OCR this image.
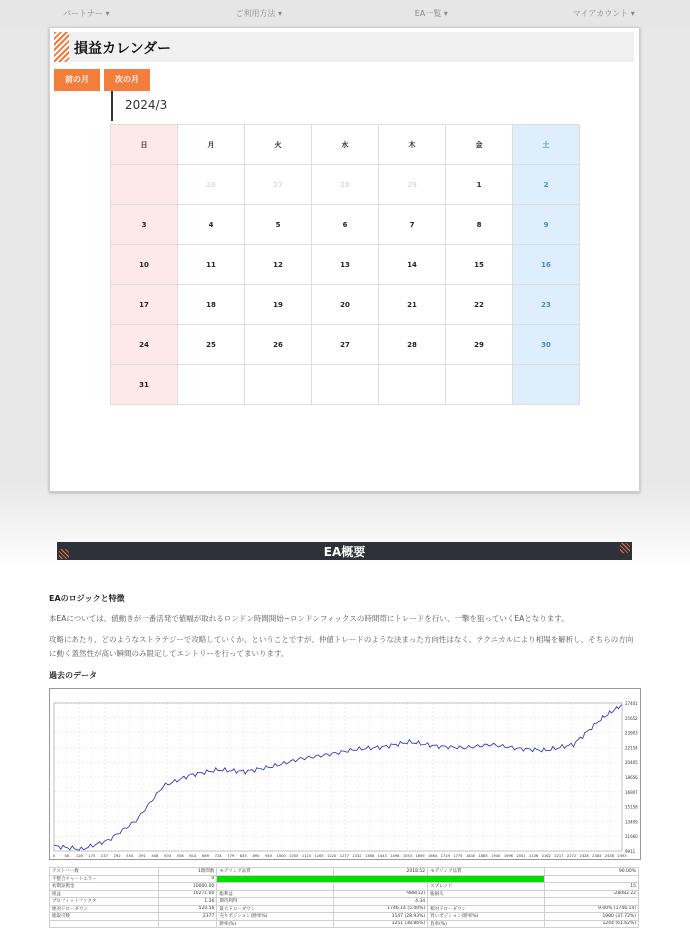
パートナー ▾	ご利用方法 ▾	EA一覧 ▾	マイアカウント ▾
損益カレンダー
前の月	次の月
2024/3
日	月	火	水	木	金	土
	26	27	28	29	1	2
3	4	5	6	7	8	9
10	11	12	13	14	15	16
17	18	19	20	21	22	23
24	25	26	27	28	29	30
31						
EA概要
EAのロジックと特徴
本EAについては、値動きが一番活発で値幅が取れるロンドン時間開始~ロンドンフィックスの時間帯にトレードを行い、一撃を狙っていくEAとなります。
攻略にあたり、どのようなストラテジーで攻略していくか、ということですが、仲値トレードのような決まった方向性はなく、テクニカルにより相場を解析し、そちらの方向に動く蓋然性が高い瞬間のみ限定してエントリーを行ってまいります。
過去のデータ
9911
11660
13409
15158
16907
18656
20405
22154
23903
25652
27401
0	58 116 175 237 292 350 391 448 503 558 614 669 724 779 835 890 945 1000 1055 1110 1165 1220 1277 1332 1388 1443 1498 1553 1609 1664 1719 1775 1830 1885 1940 1996 2051 2106 2162 2217 2272 2328 2383 2438 2493
テストバー数	1期間数	モデリング品質	2018.52	モデリング品質	90.00%
不整合チャートエラー	0				
初期証拠金	10000.00			スプレッド	15
純益	10271.00	総利益	-988(12)	総損失	-28082.22
プロフィットファクタ	1.26	期待利得	4.34		
絶対ドローダウン	520.56	最大ドローダウン	1746.14 (5.00%)	相対ドローダウン	9.00% (1746.14)
総取引数	2377	売りポジション(勝率%)	1147 (28.93%)	買いポジション(勝率%)	1980 (37.72%)
		勝率(%)	1251 (38.86%)	負率(%)	1244 (61.62%)
